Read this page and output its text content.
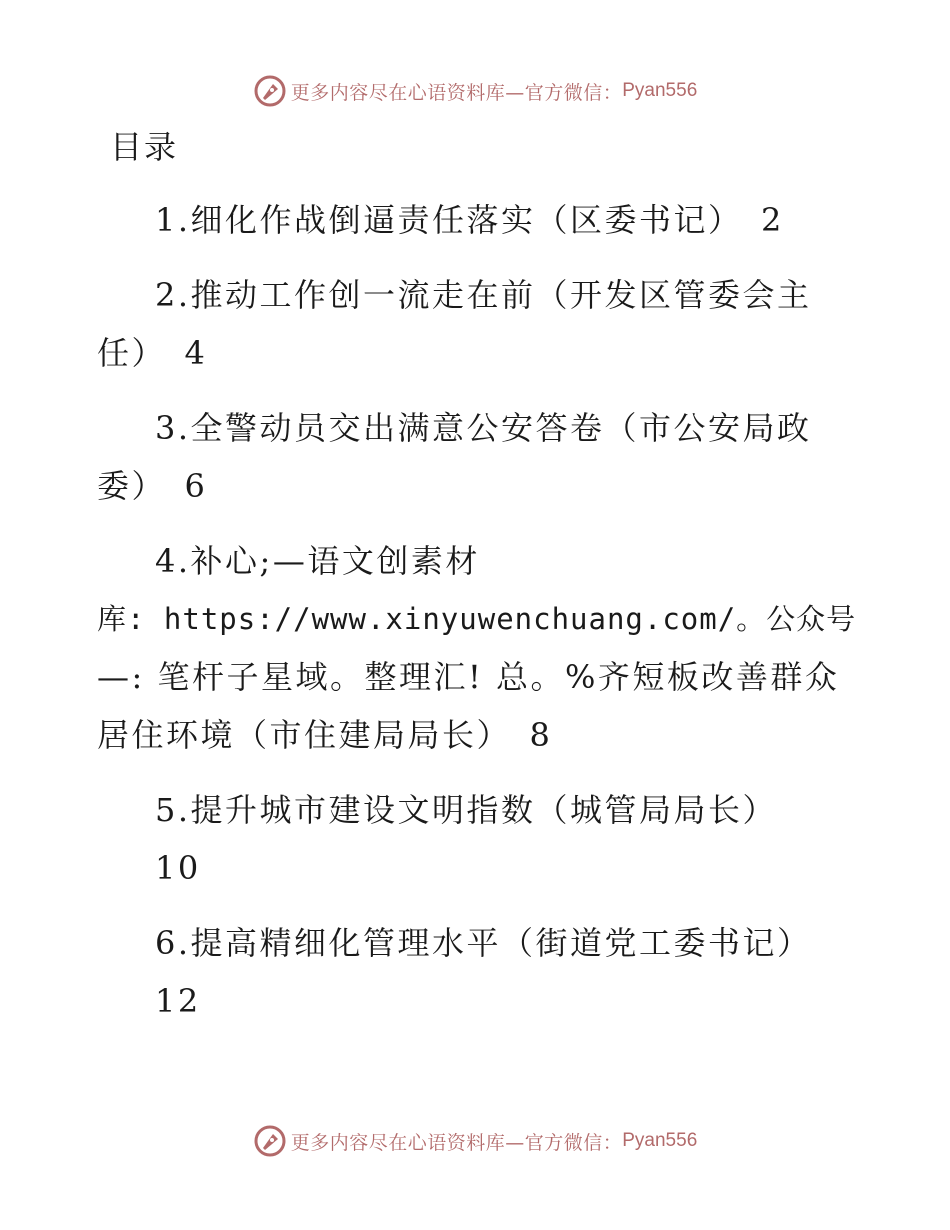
更多内容尽在心语资料库—官方微信： Pyan556
目录
1.细化作战倒逼责任落实（区委书记）　2
2.推动工作创一流走在前（开发区管委会主
任）　4
3.全警动员交出满意公安答卷（市公安局政
委）　6
4.补心;—语文创素材
库: https://www.xinyuwenchuang.com/。公众号
—: 笔杆子星域。整理汇! 总。%齐短板改善群众
居住环境（市住建局局长）　8
5.提升城市建设文明指数（城管局局长）
10
6.提高精细化管理水平（街道党工委书记）
12
更多内容尽在心语资料库—官方微信： Pyan556
